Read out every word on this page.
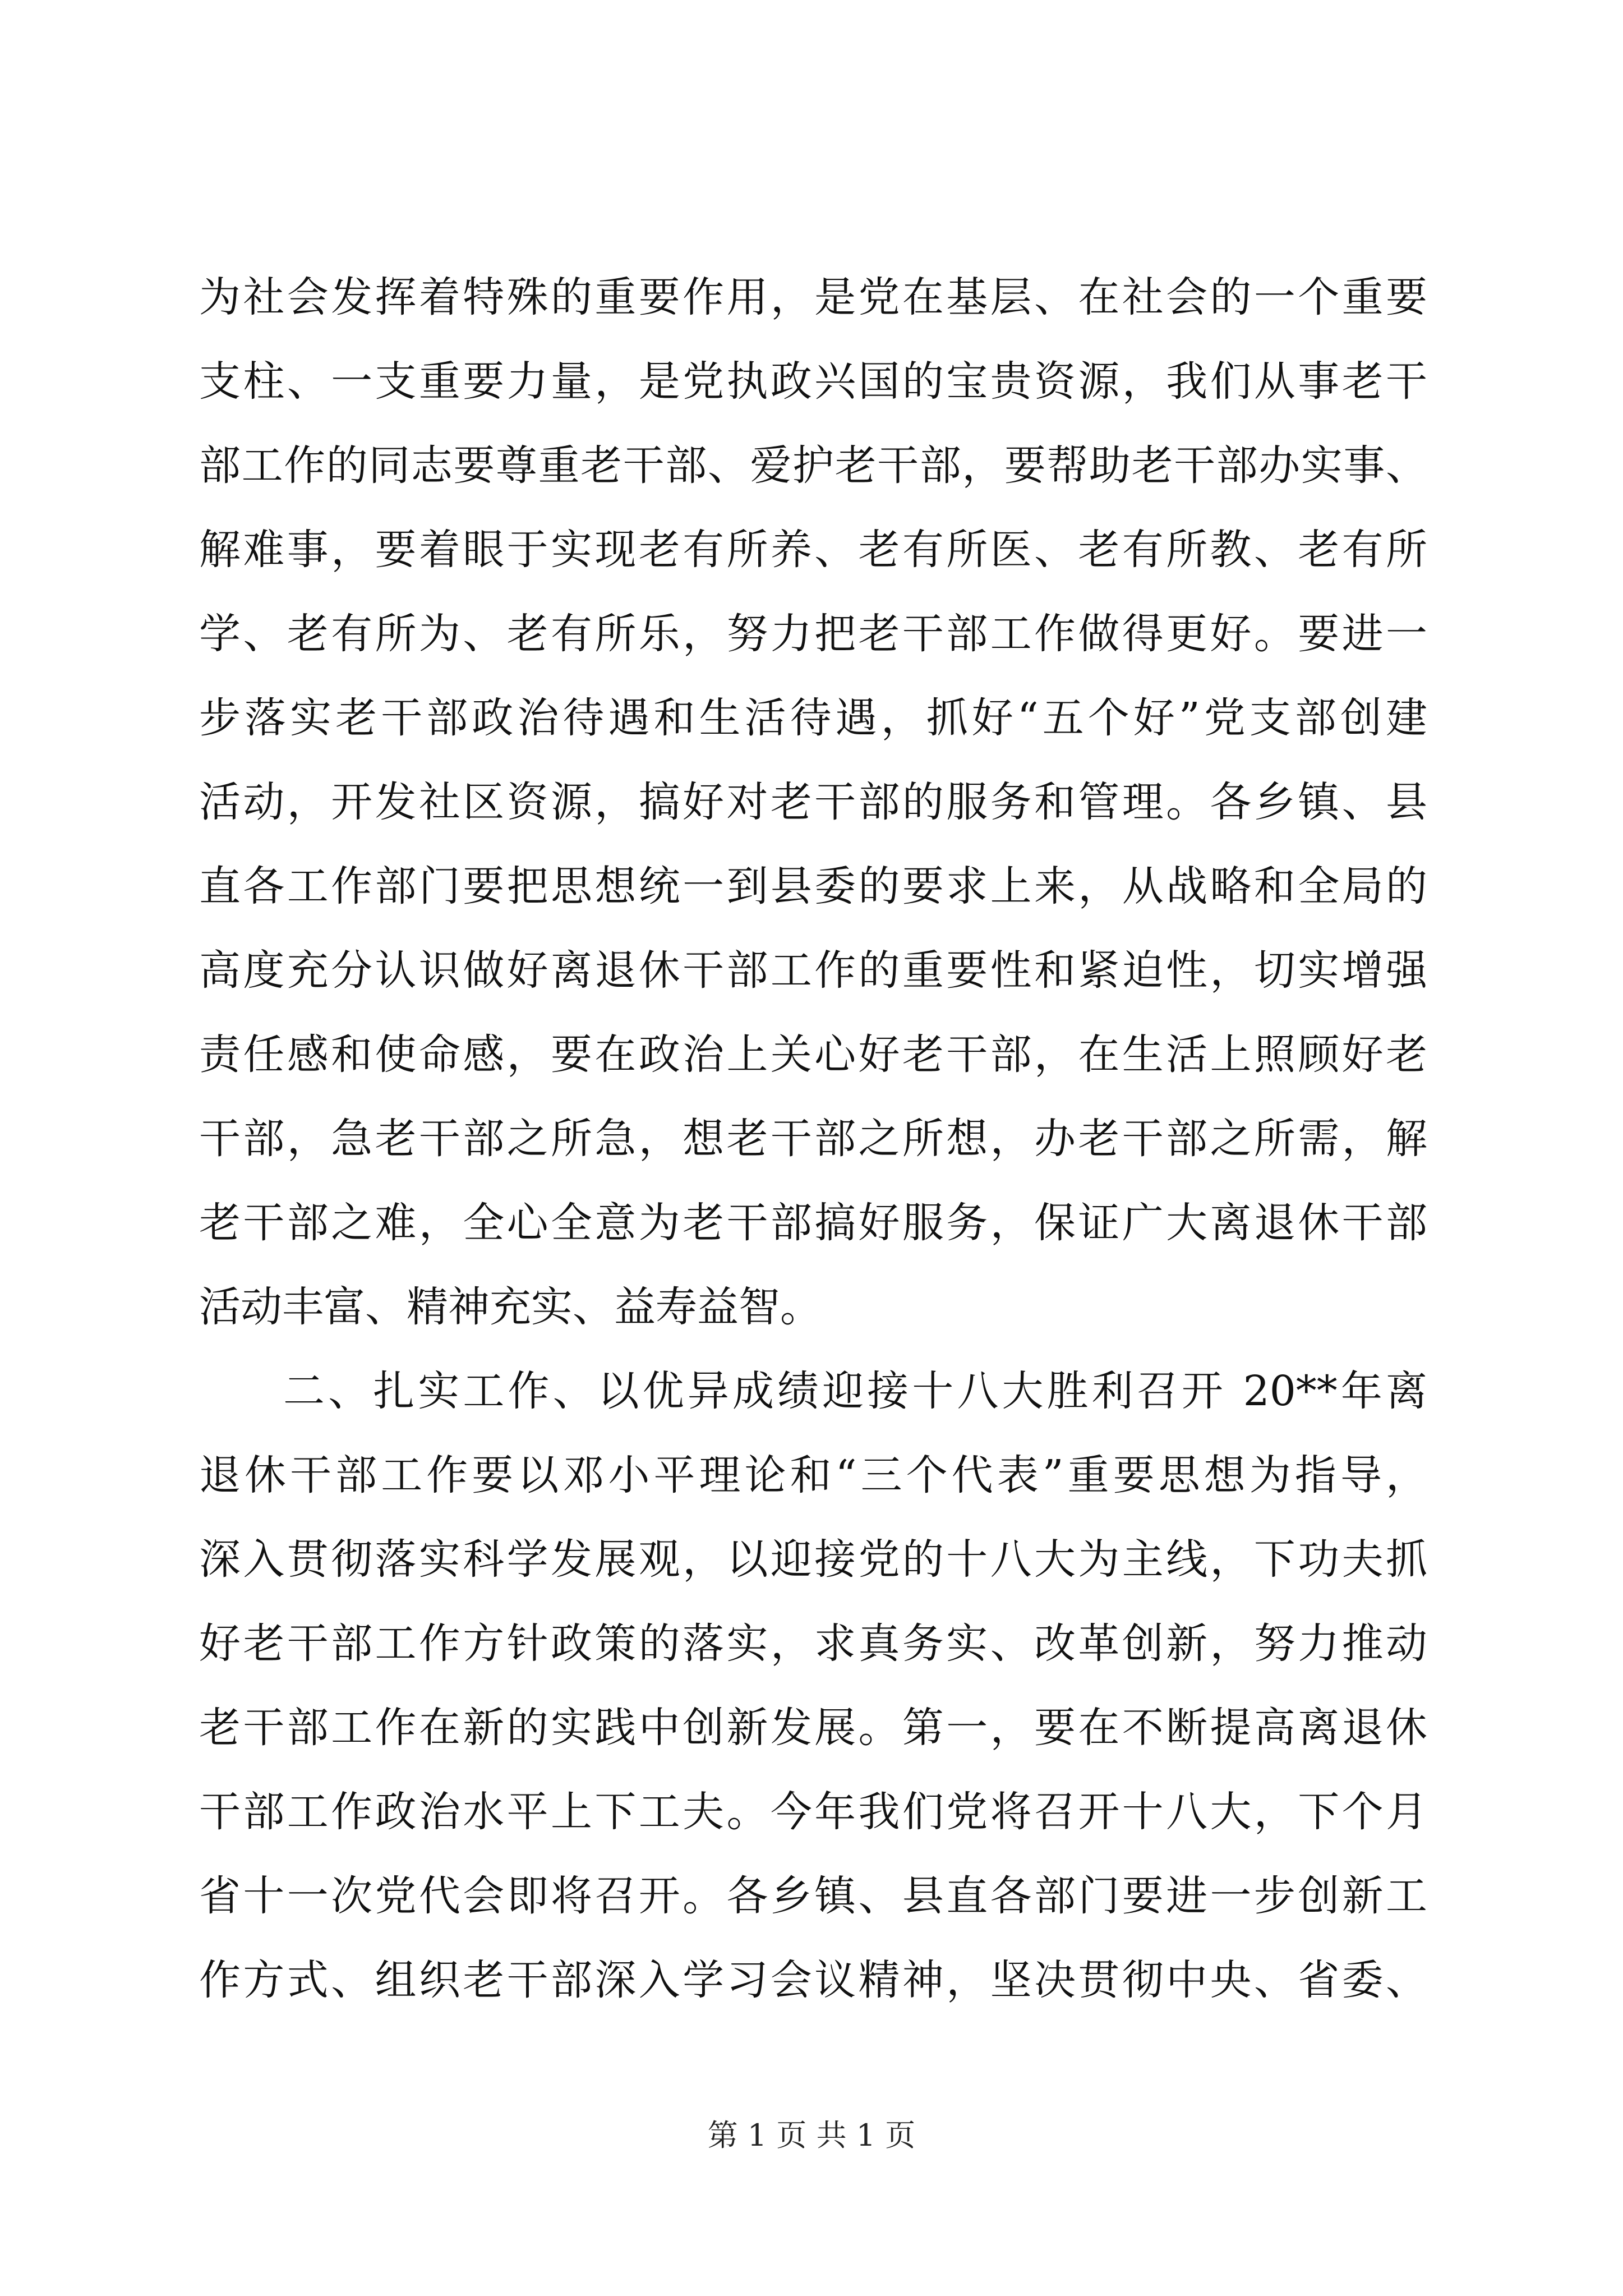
为社会发挥着特殊的重要作用，是党在基层、在社会的一个重要
支柱、一支重要力量，是党执政兴国的宝贵资源，我们从事老干
部工作的同志要尊重老干部、爱护老干部，要帮助老干部办实事、
解难事，要着眼于实现老有所养、老有所医、老有所教、老有所
学、老有所为、老有所乐，努力把老干部工作做得更好。要进一
步落实老干部政治待遇和生活待遇，抓好“五个好”党支部创建
活动，开发社区资源，搞好对老干部的服务和管理。各乡镇、县
直各工作部门要把思想统一到县委的要求上来，从战略和全局的
高度充分认识做好离退休干部工作的重要性和紧迫性，切实增强
责任感和使命感，要在政治上关心好老干部，在生活上照顾好老
干部，急老干部之所急，想老干部之所想，办老干部之所需，解
老干部之难，全心全意为老干部搞好服务，保证广大离退休干部
活动丰富、精神充实、益寿益智。
二、扎实工作、以优异成绩迎接十八大胜利召开 20**年离
退休干部工作要以邓小平理论和“三个代表”重要思想为指导，
深入贯彻落实科学发展观，以迎接党的十八大为主线，下功夫抓
好老干部工作方针政策的落实，求真务实、改革创新，努力推动
老干部工作在新的实践中创新发展。第一，要在不断提高离退休
干部工作政治水平上下工夫。今年我们党将召开十八大，下个月
省十一次党代会即将召开。各乡镇、县直各部门要进一步创新工
作方式、组织老干部深入学习会议精神，坚决贯彻中央、省委、
第 1 页 共 1 页
